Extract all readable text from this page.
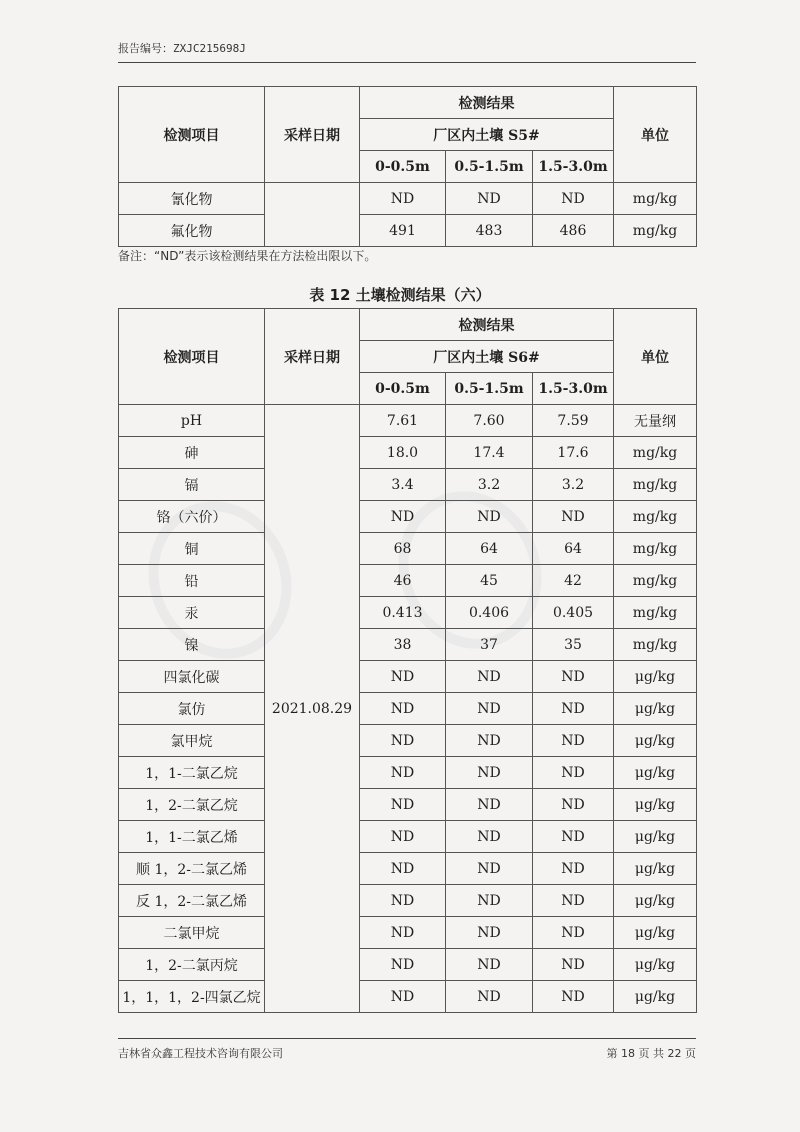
报告编号：ZXJC215698J
检测项目	采样日期	检测结果			单位
		厂区内土壤 S5#			
		0-0.5m	0.5-1.5m	1.5-3.0m	
氰化物		ND	ND	ND	mg/kg
氟化物		491	483	486	mg/kg
备注：“ND”表示该检测结果在方法检出限以下。
表 12 土壤检测结果（六）
检测项目	采样日期	检测结果			单位
		厂区内土壤 S6#			
		0-0.5m	0.5-1.5m	1.5-3.0m	
pH	2021.08.29	7.61	7.60	7.59	无量纲
砷		18.0	17.4	17.6	mg/kg
镉		3.4	3.2	3.2	mg/kg
铬（六价）		ND	ND	ND	mg/kg
铜		68	64	64	mg/kg
铅		46	45	42	mg/kg
汞		0.413	0.406	0.405	mg/kg
镍		38	37	35	mg/kg
四氯化碳		ND	ND	ND	μg/kg
氯仿		ND	ND	ND	μg/kg
氯甲烷		ND	ND	ND	μg/kg
1，1-二氯乙烷		ND	ND	ND	μg/kg
1，2-二氯乙烷		ND	ND	ND	μg/kg
1，1-二氯乙烯		ND	ND	ND	μg/kg
顺 1，2-二氯乙烯		ND	ND	ND	μg/kg
反 1，2-二氯乙烯		ND	ND	ND	μg/kg
二氯甲烷		ND	ND	ND	μg/kg
1，2-二氯丙烷		ND	ND	ND	μg/kg
1，1，1，2-四氯乙烷		ND	ND	ND	μg/kg
吉林省众鑫工程技术咨询有限公司	第 18 页 共 22 页
